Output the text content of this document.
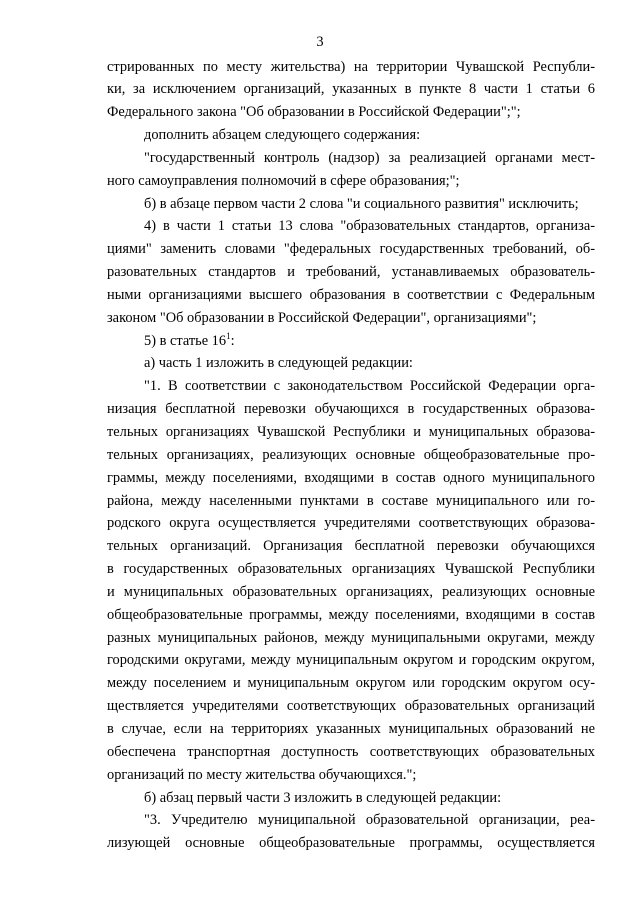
3
стрированных по месту жительства) на территории Чувашской Республи-
ки, за исключением организаций, указанных в пункте 8 части 1 статьи 6
Федерального закона "Об образовании в Российской Федерации";";
дополнить абзацем следующего содержания:
"государственный контроль (надзор) за реализацией органами мест-
ного самоуправления полномочий в сфере образования;";
б) в абзаце первом части 2 слова "и социального развития" исключить;
4) в части 1 статьи 13 слова "образовательных стандартов, организа-
циями" заменить словами "федеральных государственных требований, об-
разовательных стандартов и требований, устанавливаемых образователь-
ными организациями высшего образования в соответствии с Федеральным
законом "Об образовании в Российской Федерации", организациями";
5) в статье $16^1$:
а) часть 1 изложить в следующей редакции:
"1. В соответствии с законодательством Российской Федерации орга-
низация бесплатной перевозки обучающихся в государственных образова-
тельных организациях Чувашской Республики и муниципальных образова-
тельных организациях, реализующих основные общеобразовательные про-
граммы, между поселениями, входящими в состав одного муниципального
района, между населенными пунктами в составе муниципального или го-
родского округа осуществляется учредителями соответствующих образова-
тельных организаций. Организация бесплатной перевозки обучающихся
в государственных образовательных организациях Чувашской Республики
и муниципальных образовательных организациях, реализующих основные
общеобразовательные программы, между поселениями, входящими в состав
разных муниципальных районов, между муниципальными округами, между
городскими округами, между муниципальным округом и городским округом,
между поселением и муниципальным округом или городским округом осу-
ществляется учредителями соответствующих образовательных организаций
в случае, если на территориях указанных муниципальных образований не
обеспечена транспортная доступность соответствующих образовательных
организаций по месту жительства обучающихся.";
б) абзац первый части 3 изложить в следующей редакции:
"3. Учредителю муниципальной образовательной организации, реа-
лизующей основные общеобразовательные программы, осуществляется
